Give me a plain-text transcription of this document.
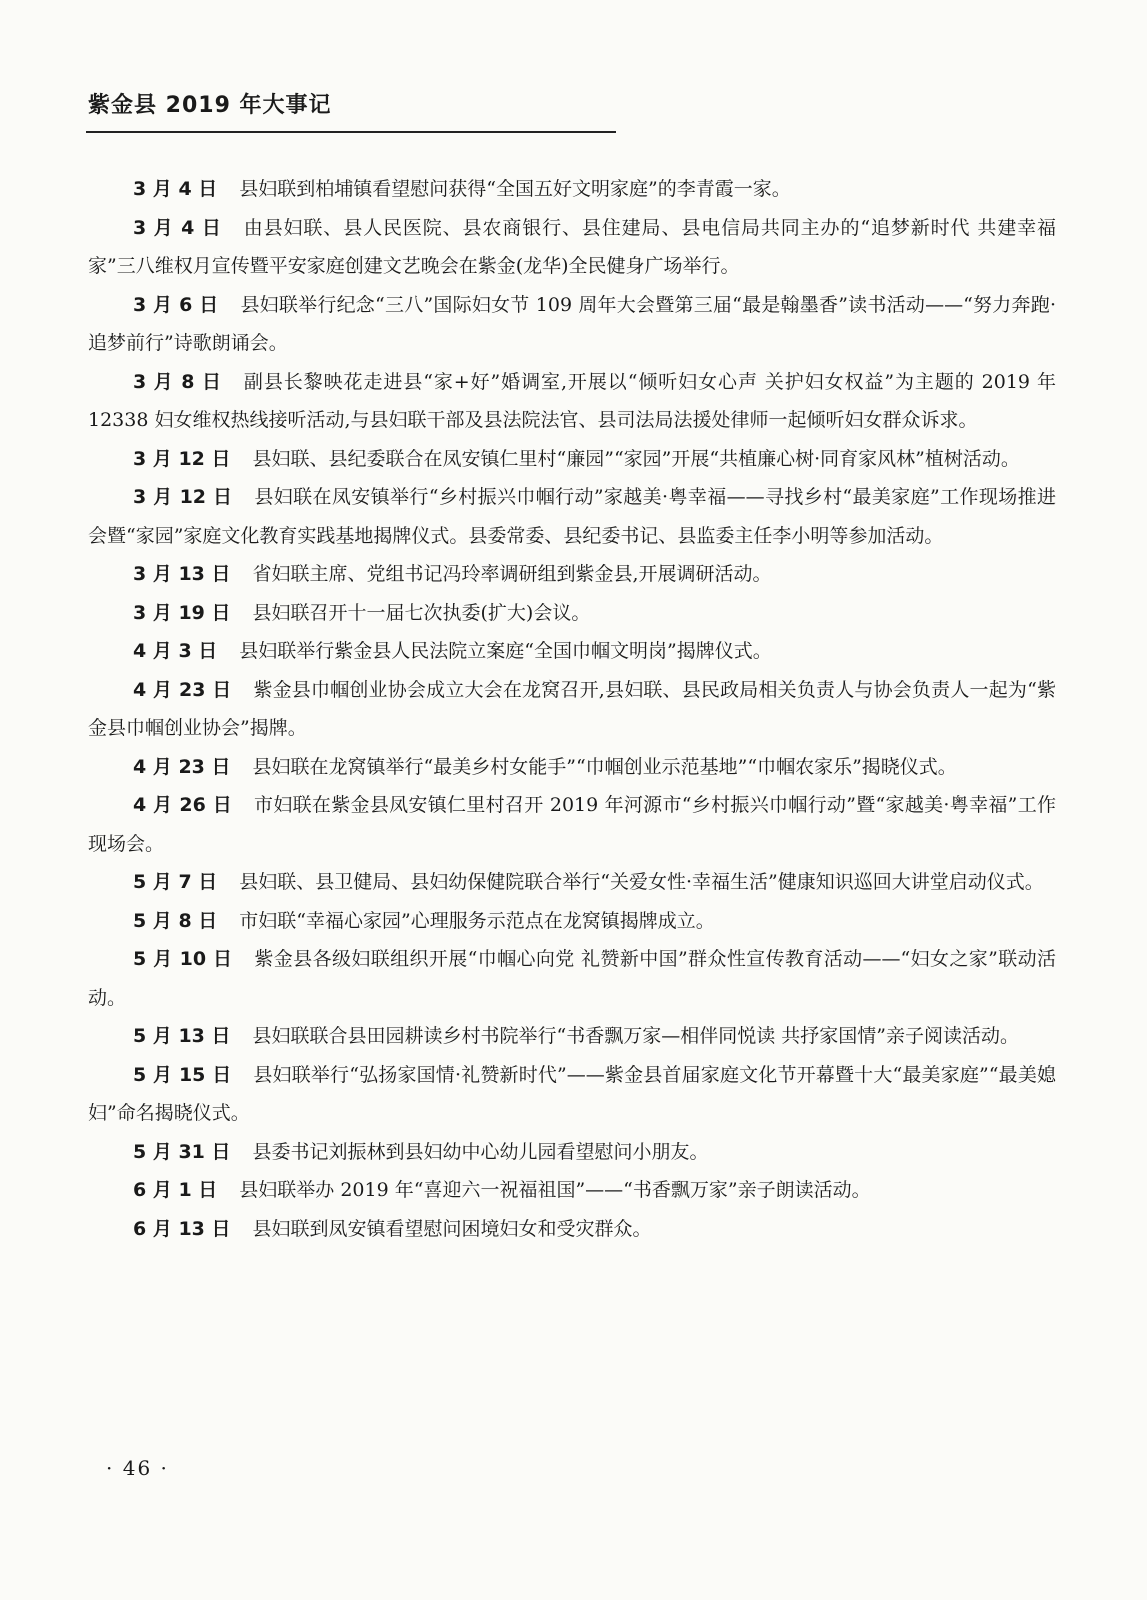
紫金县 2019 年大事记

3 月 4 日 县妇联到柏埔镇看望慰问获得“全国五好文明家庭”的李青霞一家。

3 月 4 日 由县妇联、县人民医院、县农商银行、县住建局、县电信局共同主办的“追梦新时代 共建幸福家”三八维权月宣传暨平安家庭创建文艺晚会在紫金(龙华)全民健身广场举行。

3 月 6 日 县妇联举行纪念“三八”国际妇女节 109 周年大会暨第三届“最是翰墨香”读书活动——“努力奔跑·追梦前行”诗歌朗诵会。

3 月 8 日 副县长黎映花走进县“家+好”婚调室,开展以“倾听妇女心声 关护妇女权益”为主题的 2019 年 12338 妇女维权热线接听活动,与县妇联干部及县法院法官、县司法局法援处律师一起倾听妇女群众诉求。

3 月 12 日 县妇联、县纪委联合在凤安镇仁里村“廉园”“家园”开展“共植廉心树·同育家风林”植树活动。

3 月 12 日 县妇联在凤安镇举行“乡村振兴巾帼行动”家越美·粤幸福——寻找乡村“最美家庭”工作现场推进会暨“家园”家庭文化教育实践基地揭牌仪式。县委常委、县纪委书记、县监委主任李小明等参加活动。

3 月 13 日 省妇联主席、党组书记冯玲率调研组到紫金县,开展调研活动。

3 月 19 日 县妇联召开十一届七次执委(扩大)会议。

4 月 3 日 县妇联举行紫金县人民法院立案庭“全国巾帼文明岗”揭牌仪式。

4 月 23 日 紫金县巾帼创业协会成立大会在龙窝召开,县妇联、县民政局相关负责人与协会负责人一起为“紫金县巾帼创业协会”揭牌。

4 月 23 日 县妇联在龙窝镇举行“最美乡村女能手”“巾帼创业示范基地”“巾帼农家乐”揭晓仪式。

4 月 26 日 市妇联在紫金县凤安镇仁里村召开 2019 年河源市“乡村振兴巾帼行动”暨“家越美·粤幸福”工作现场会。

5 月 7 日 县妇联、县卫健局、县妇幼保健院联合举行“关爱女性·幸福生活”健康知识巡回大讲堂启动仪式。

5 月 8 日 市妇联“幸福心家园”心理服务示范点在龙窝镇揭牌成立。

5 月 10 日 紫金县各级妇联组织开展“巾帼心向党 礼赞新中国”群众性宣传教育活动——“妇女之家”联动活动。

5 月 13 日 县妇联联合县田园耕读乡村书院举行“书香飘万家—相伴同悦读 共抒家国情”亲子阅读活动。

5 月 15 日 县妇联举行“弘扬家国情·礼赞新时代”——紫金县首届家庭文化节开幕暨十大“最美家庭”“最美媳妇”命名揭晓仪式。

5 月 31 日 县委书记刘振林到县妇幼中心幼儿园看望慰问小朋友。

6 月 1 日 县妇联举办 2019 年“喜迎六一祝福祖国”——“书香飘万家”亲子朗读活动。

6 月 13 日 县妇联到凤安镇看望慰问困境妇女和受灾群众。

· 46 ·
